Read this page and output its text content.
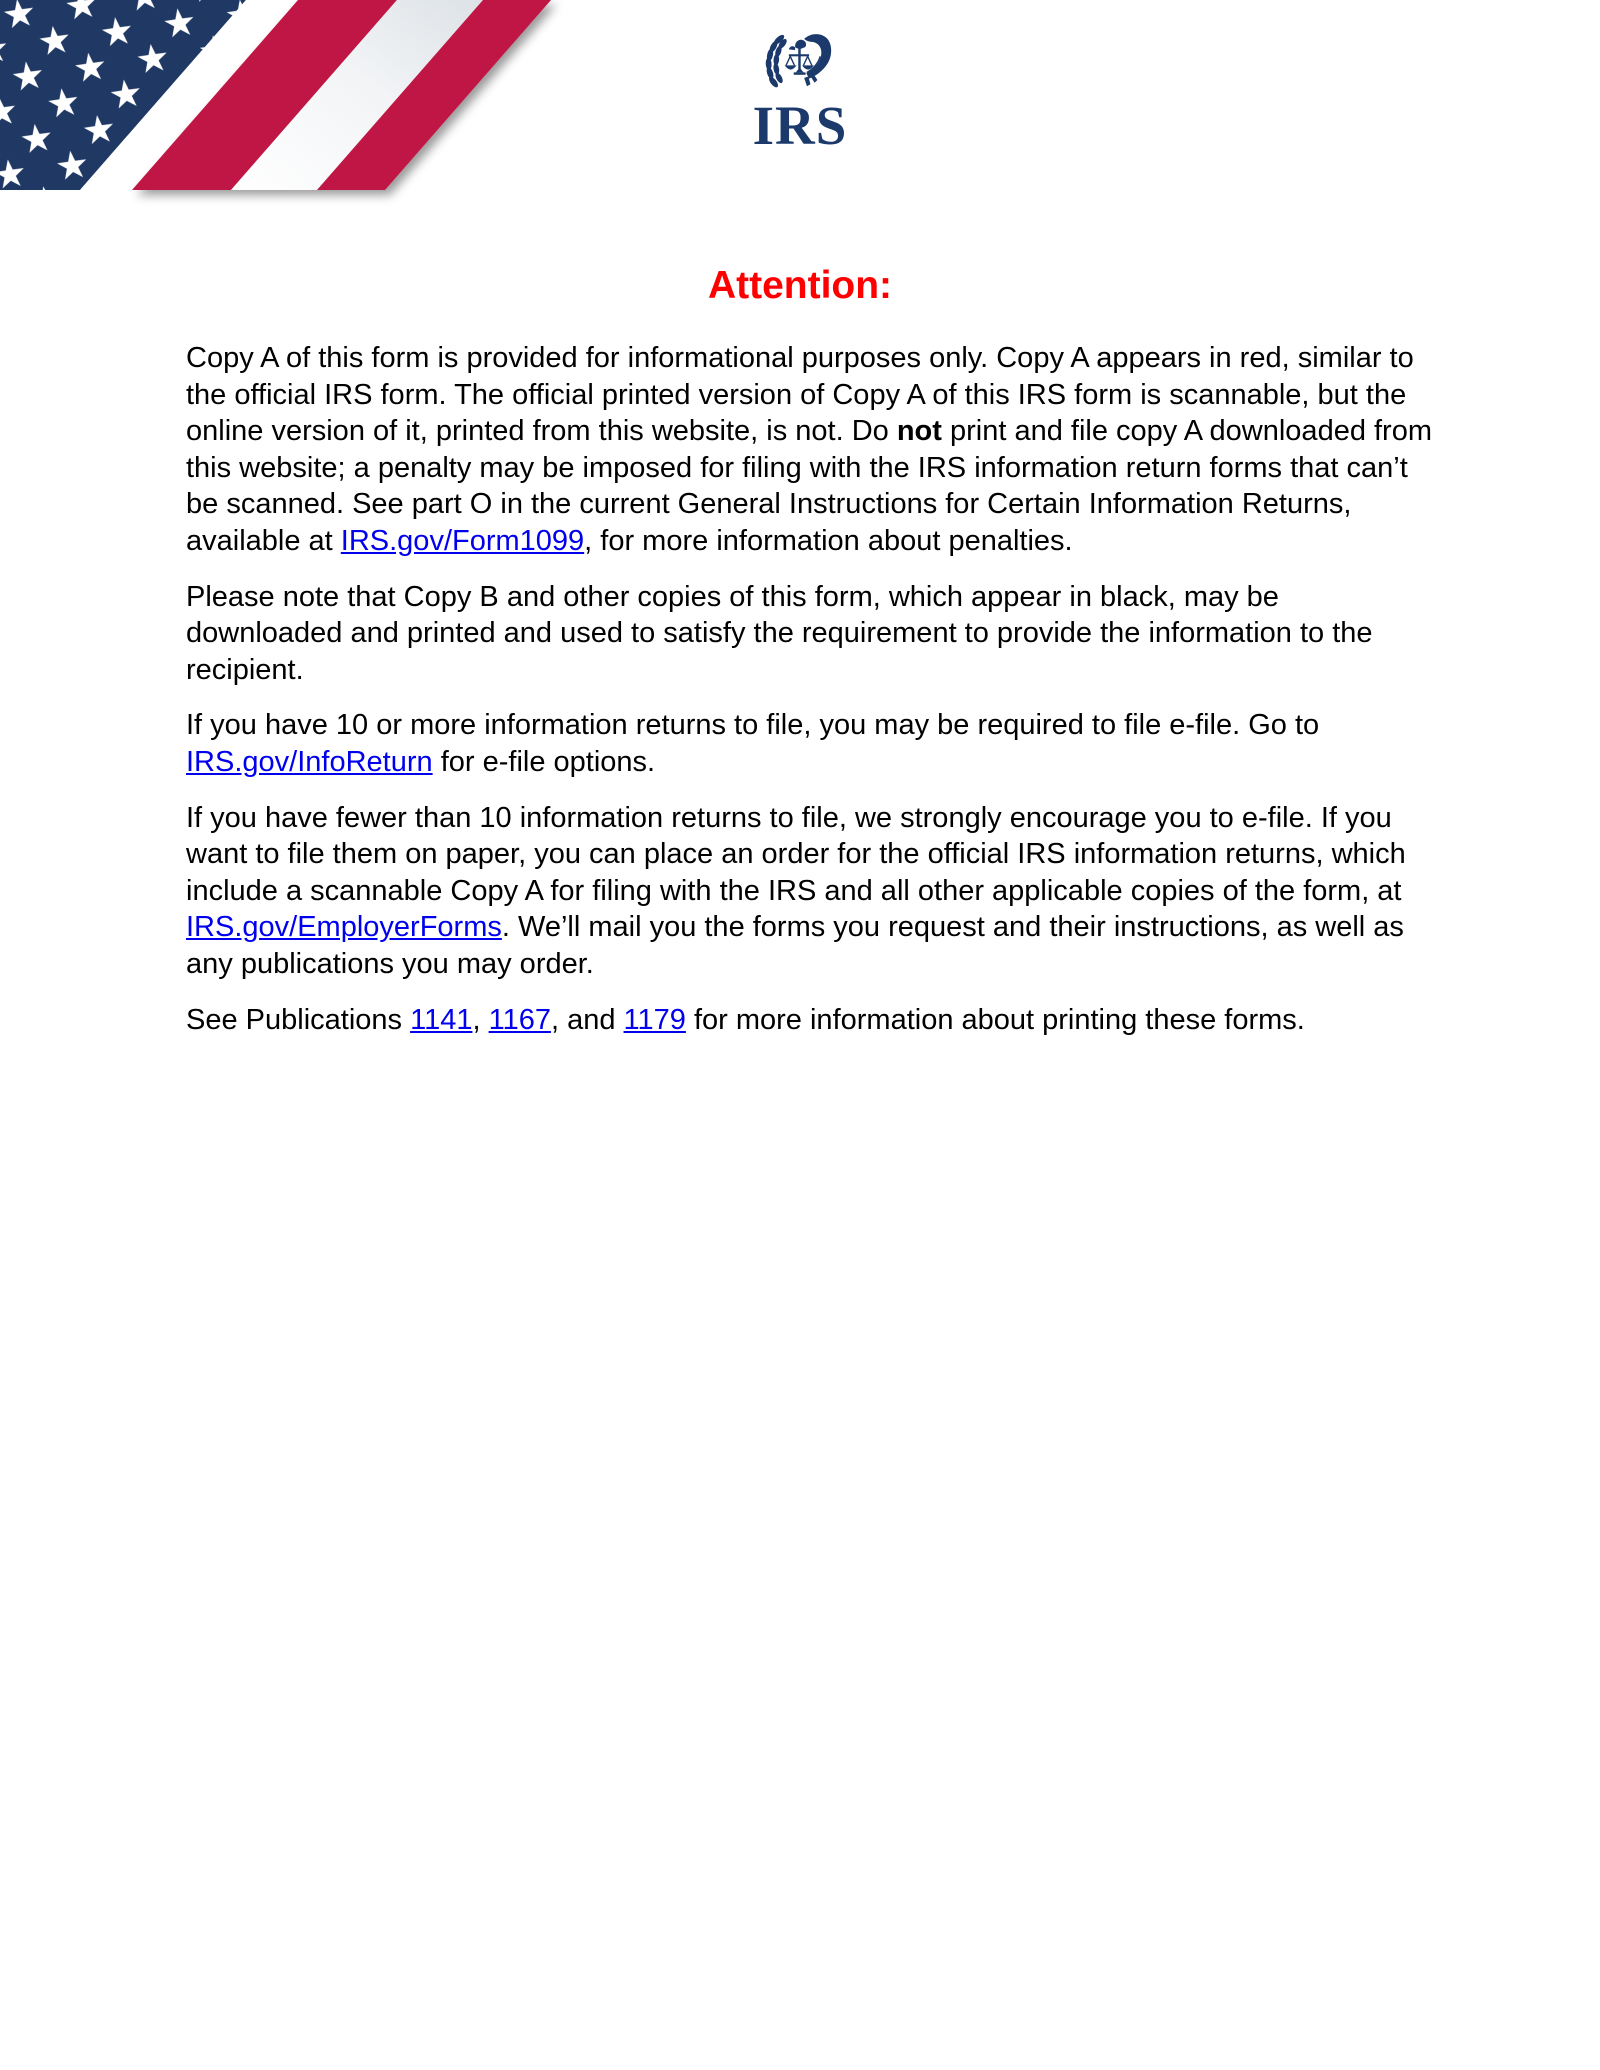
IRS
Attention:

Copy A of this form is provided for informational purposes only. Copy A appears in red, similar to the official IRS form. The official printed version of Copy A of this IRS form is scannable, but the online version of it, printed from this website, is not. Do not print and file copy A downloaded from this website; a penalty may be imposed for filing with the IRS information return forms that can’t be scanned. See part O in the current General Instructions for Certain Information Returns, available at IRS.gov/Form1099, for more information about penalties.

Please note that Copy B and other copies of this form, which appear in black, may be downloaded and printed and used to satisfy the requirement to provide the information to the recipient.

If you have 10 or more information returns to file, you may be required to file e-file. Go to IRS.gov/InfoReturn for e-file options.

If you have fewer than 10 information returns to file, we strongly encourage you to e-file. If you want to file them on paper, you can place an order for the official IRS information returns, which include a scannable Copy A for filing with the IRS and all other applicable copies of the form, at IRS.gov/EmployerForms. We’ll mail you the forms you request and their instructions, as well as any publications you may order.

See Publications 1141, 1167, and 1179 for more information about printing these forms.
